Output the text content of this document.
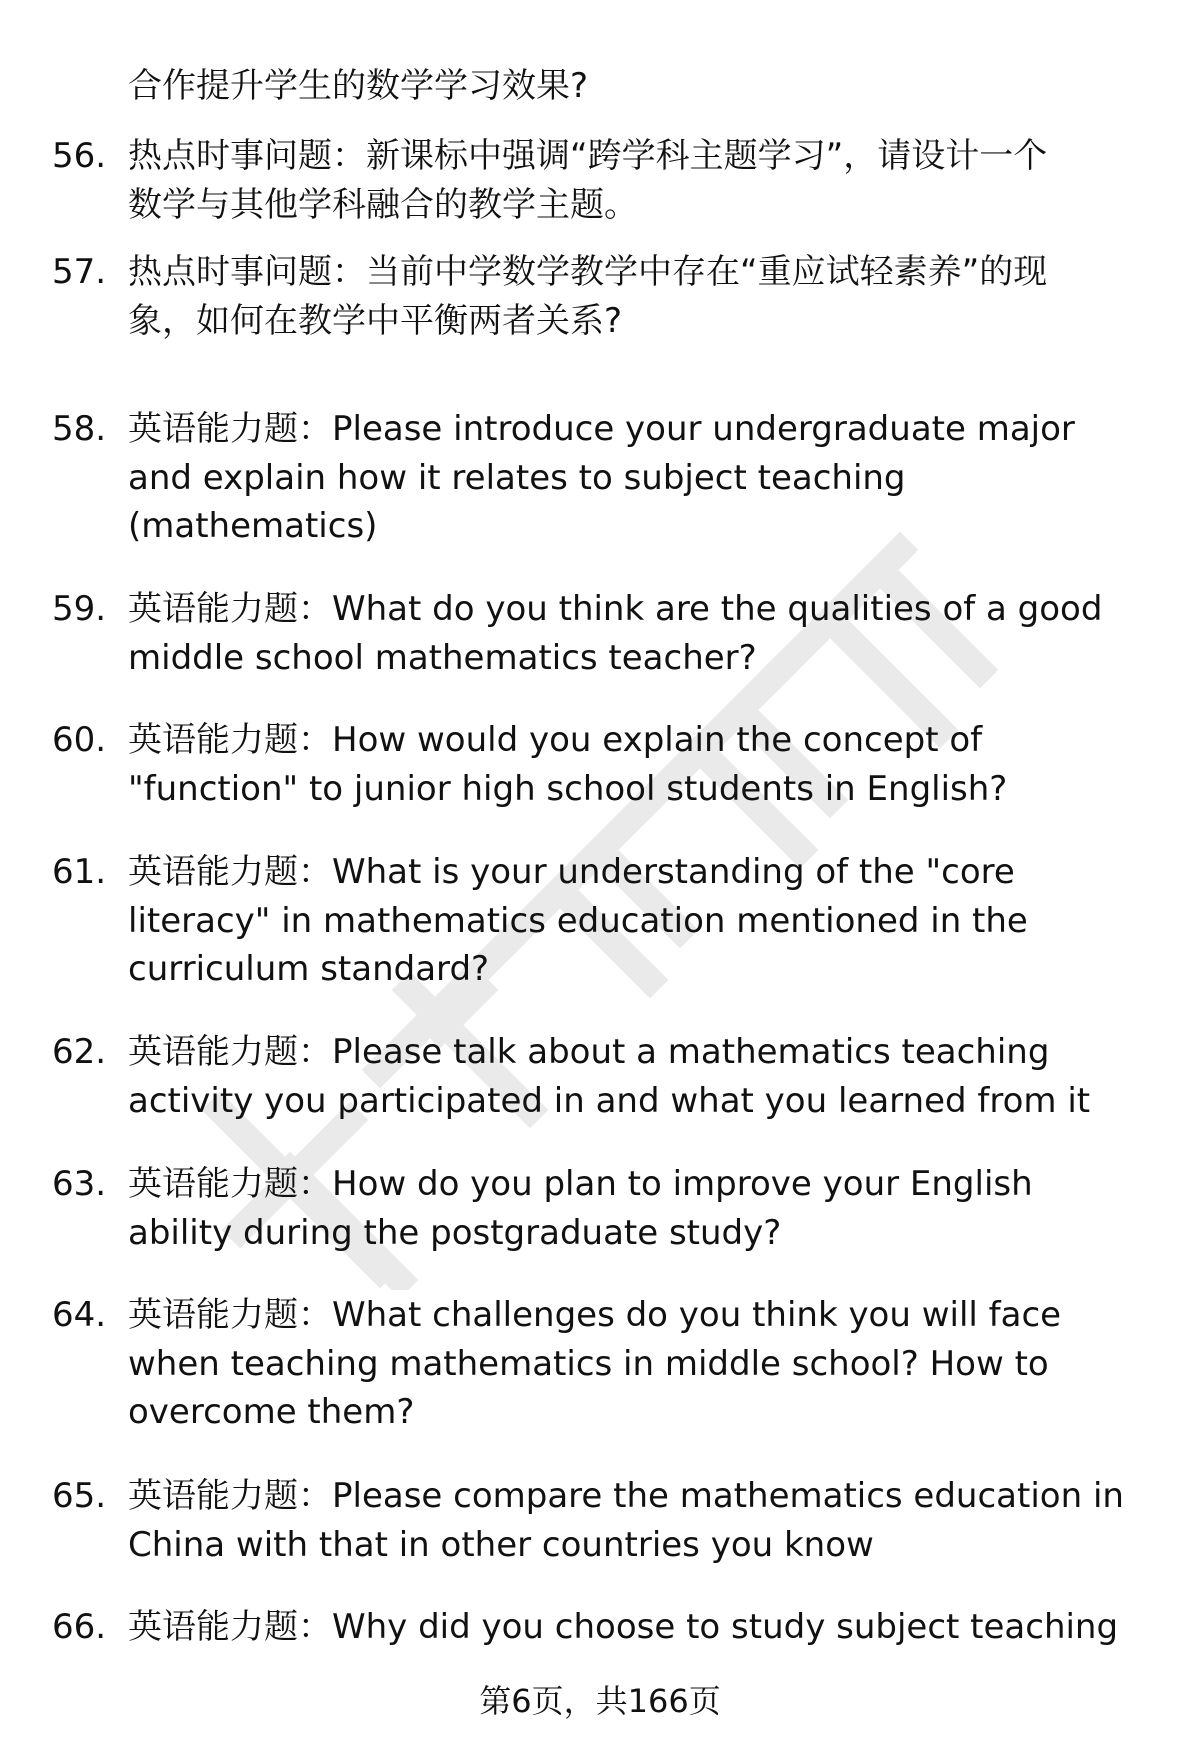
合作提升学生的数学学习效果?
56. 热点时事问题：新课标中强调“跨学科主题学习”，请设计一个
数学与其他学科融合的教学主题。
57. 热点时事问题：当前中学数学教学中存在“重应试轻素养”的现
象，如何在教学中平衡两者关系?
58. 英语能力题：Please introduce your undergraduate major
and explain how it relates to subject teaching
(mathematics)
59. 英语能力题：What do you think are the qualities of a good
middle school mathematics teacher?
60. 英语能力题：How would you explain the concept of
"function" to junior high school students in English?
61. 英语能力题：What is your understanding of the "core
literacy" in mathematics education mentioned in the
curriculum standard?
62. 英语能力题：Please talk about a mathematics teaching
activity you participated in and what you learned from it
63. 英语能力题：How do you plan to improve your English
ability during the postgraduate study?
64. 英语能力题：What challenges do you think you will face
when teaching mathematics in middle school? How to
overcome them?
65. 英语能力题：Please compare the mathematics education in
China with that in other countries you know
66. 英语能力题：Why did you choose to study subject teaching
第6页，共166页
